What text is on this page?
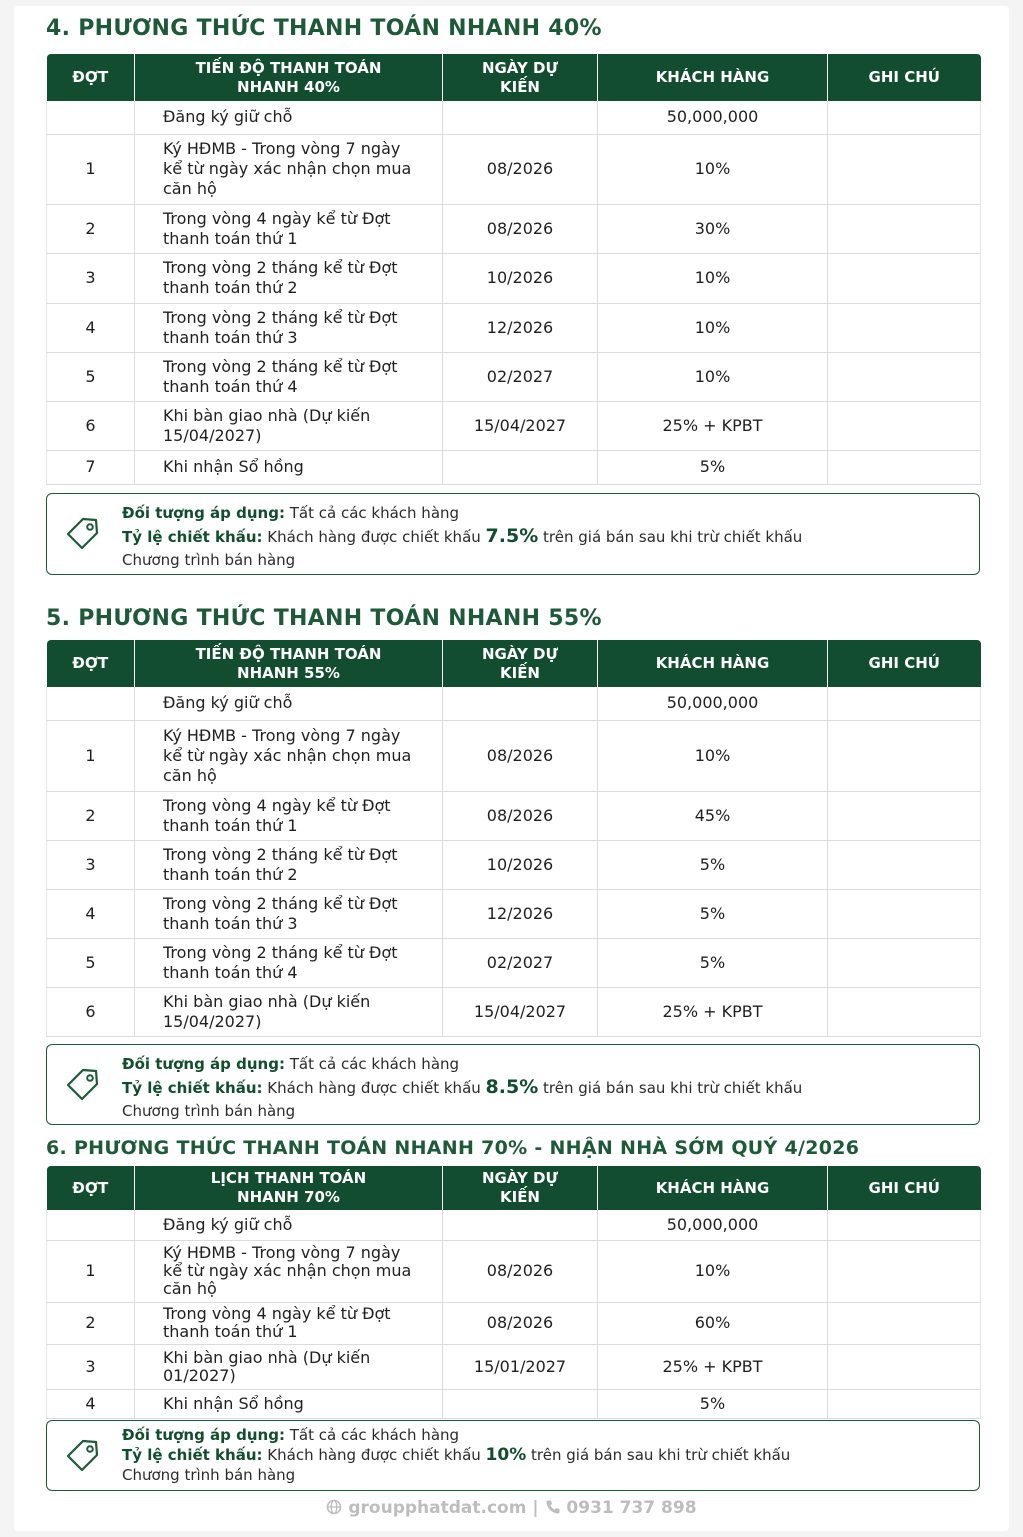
4. PHƯƠNG THỨC THANH TOÁN NHANH 40%
ĐỢT	TIẾN ĐỘ THANH TOÁN NHANH 40%	NGÀY DỰ KIẾN	KHÁCH HÀNG	GHI CHÚ
	Đăng ký giữ chỗ		50,000,000	
1	Ký HĐMB - Trong vòng 7 ngày kể từ ngày xác nhận chọn mua căn hộ	08/2026	10%	
2	Trong vòng 4 ngày kể từ Đợt thanh toán thứ 1	08/2026	30%	
3	Trong vòng 2 tháng kể từ Đợt thanh toán thứ 2	10/2026	10%	
4	Trong vòng 2 tháng kể từ Đợt thanh toán thứ 3	12/2026	10%	
5	Trong vòng 2 tháng kể từ Đợt thanh toán thứ 4	02/2027	10%	
6	Khi bàn giao nhà (Dự kiến 15/04/2027)	15/04/2027	25% + KPBT	
7	Khi nhận Sổ hồng		5%	
Đối tượng áp dụng: Tất cả các khách hàng
Tỷ lệ chiết khấu: Khách hàng được chiết khấu 7.5% trên giá bán sau khi trừ chiết khấu
Chương trình bán hàng
5. PHƯƠNG THỨC THANH TOÁN NHANH 55%
ĐỢT	TIẾN ĐỘ THANH TOÁN NHANH 55%	NGÀY DỰ KIẾN	KHÁCH HÀNG	GHI CHÚ
	Đăng ký giữ chỗ		50,000,000	
1	Ký HĐMB - Trong vòng 7 ngày kể từ ngày xác nhận chọn mua căn hộ	08/2026	10%	
2	Trong vòng 4 ngày kể từ Đợt thanh toán thứ 1	08/2026	45%	
3	Trong vòng 2 tháng kể từ Đợt thanh toán thứ 2	10/2026	5%	
4	Trong vòng 2 tháng kể từ Đợt thanh toán thứ 3	12/2026	5%	
5	Trong vòng 2 tháng kể từ Đợt thanh toán thứ 4	02/2027	5%	
6	Khi bàn giao nhà (Dự kiến 15/04/2027)	15/04/2027	25% + KPBT	
Đối tượng áp dụng: Tất cả các khách hàng
Tỷ lệ chiết khấu: Khách hàng được chiết khấu 8.5% trên giá bán sau khi trừ chiết khấu
Chương trình bán hàng
6. PHƯƠNG THỨC THANH TOÁN NHANH 70% - NHẬN NHÀ SỚM QUÝ 4/2026
ĐỢT	LỊCH THANH TOÁN NHANH 70%	NGÀY DỰ KIẾN	KHÁCH HÀNG	GHI CHÚ
	Đăng ký giữ chỗ		50,000,000	
1	Ký HĐMB - Trong vòng 7 ngày kể từ ngày xác nhận chọn mua căn hộ	08/2026	10%	
2	Trong vòng 4 ngày kể từ Đợt thanh toán thứ 1	08/2026	60%	
3	Khi bàn giao nhà (Dự kiến 01/2027)	15/01/2027	25% + KPBT	
4	Khi nhận Sổ hồng		5%	
Đối tượng áp dụng: Tất cả các khách hàng
Tỷ lệ chiết khấu: Khách hàng được chiết khấu 10% trên giá bán sau khi trừ chiết khấu
Chương trình bán hàng
groupphatdat.com | 0931 737 898
